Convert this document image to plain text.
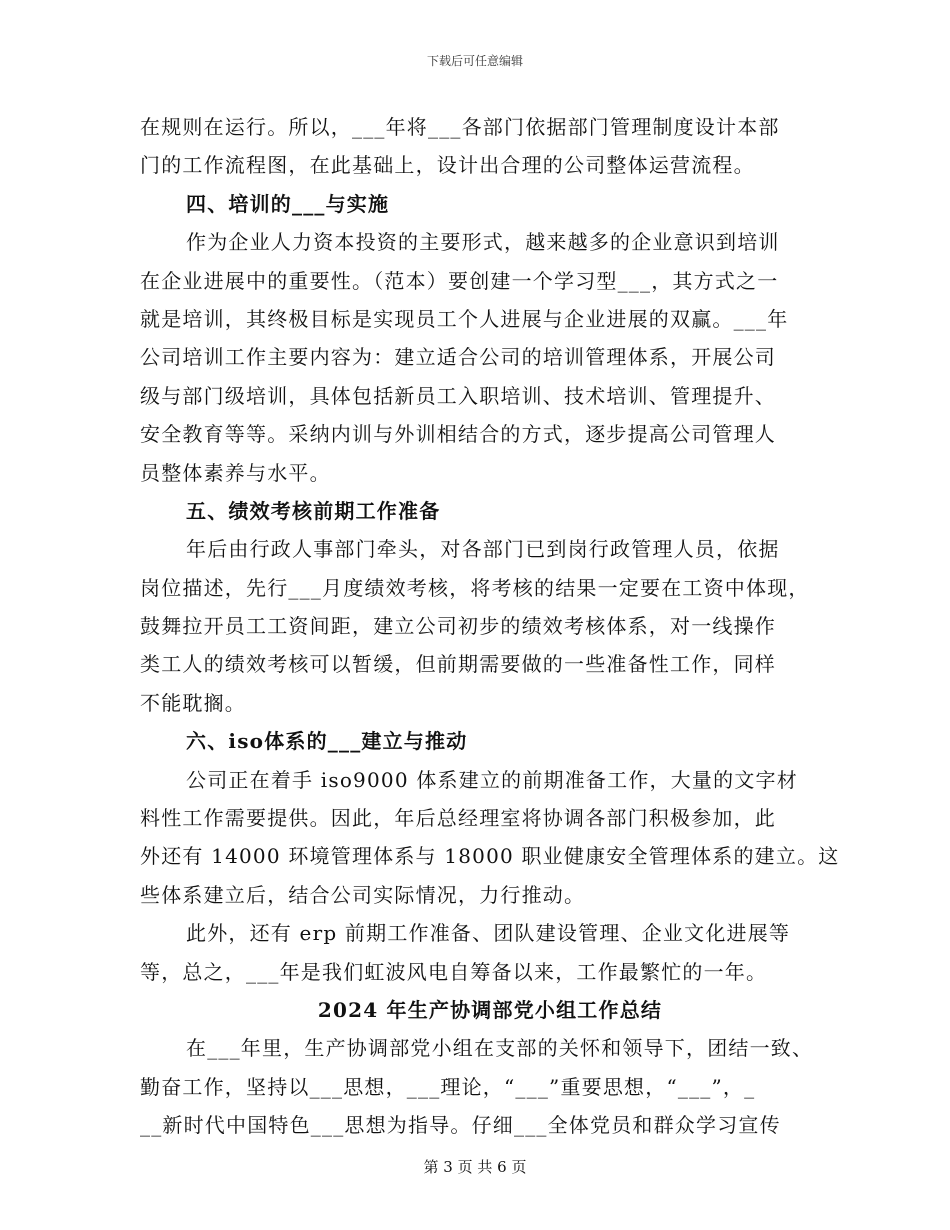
下载后可任意编辑
在规则在运行。所以，___年将___各部门依据部门管理制度设计本部
门的工作流程图，在此基础上，设计出合理的公司整体运营流程。
四、培训的___与实施
作为企业人力资本投资的主要形式，越来越多的企业意识到培训
在企业进展中的重要性。（范本）要创建一个学习型___，其方式之一
就是培训，其终极目标是实现员工个人进展与企业进展的双赢。___年
公司培训工作主要内容为：建立适合公司的培训管理体系，开展公司
级与部门级培训，具体包括新员工入职培训、技术培训、管理提升、
安全教育等等。采纳内训与外训相结合的方式，逐步提高公司管理人
员整体素养与水平。
五、绩效考核前期工作准备
年后由行政人事部门牵头，对各部门已到岗行政管理人员，依据
岗位描述，先行___月度绩效考核，将考核的结果一定要在工资中体现，
鼓舞拉开员工工资间距，建立公司初步的绩效考核体系，对一线操作
类工人的绩效考核可以暂缓，但前期需要做的一些准备性工作，同样
不能耽搁。
六、iso体系的___建立与推动
公司正在着手 iso9000 体系建立的前期准备工作，大量的文字材
料性工作需要提供。因此，年后总经理室将协调各部门积极参加，此
外还有 14000 环境管理体系与 18000 职业健康安全管理体系的建立。这
些体系建立后，结合公司实际情况，力行推动。
此外，还有 erp 前期工作准备、团队建设管理、企业文化进展等
等，总之，___年是我们虹波风电自筹备以来，工作最繁忙的一年。
2024 年生产协调部党小组工作总结
在___年里，生产协调部党小组在支部的关怀和领导下，团结一致、
勤奋工作，坚持以___思想，___理论，“___”重要思想，“___”，_
__新时代中国特色___思想为指导。仔细___全体党员和群众学习宣传
第 3 页 共 6 页
